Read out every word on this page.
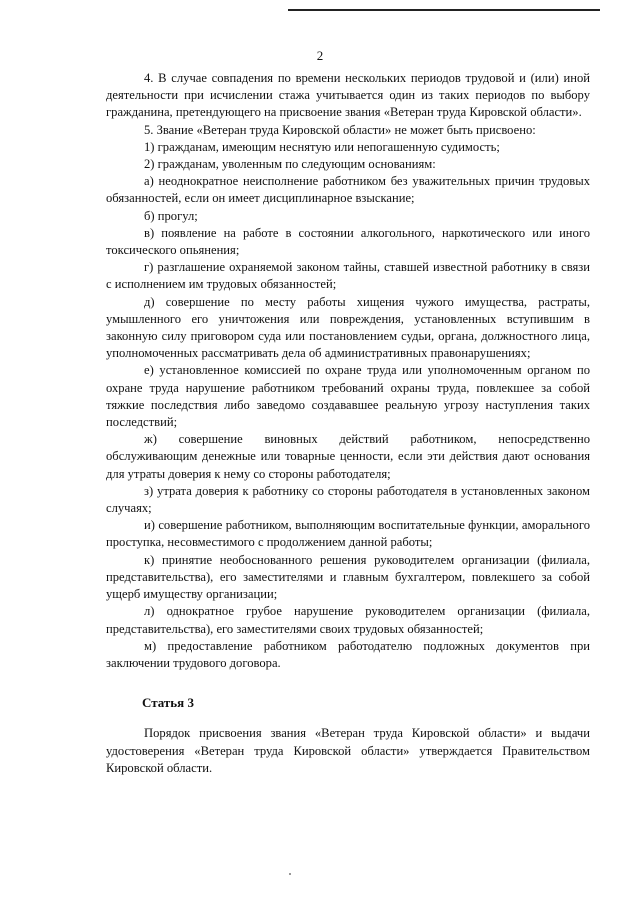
2

4. В случае совпадения по времени нескольких периодов трудовой и (или) иной деятельности при исчислении стажа учитывается один из таких периодов по выбору гражданина, претендующего на присвоение звания «Ветеран труда Кировской области».

5. Звание «Ветеран труда Кировской области» не может быть присвоено:

1) гражданам, имеющим неснятую или непогашенную судимость;

2) гражданам, уволенным по следующим основаниям:

а) неоднократное неисполнение работником без уважительных причин трудовых обязанностей, если он имеет дисциплинарное взыскание;

б) прогул;

в) появление на работе в состоянии алкогольного, наркотического или иного токсического опьянения;

г) разглашение охраняемой законом тайны, ставшей известной работнику в связи с исполнением им трудовых обязанностей;

д) совершение по месту работы хищения чужого имущества, растраты, умышленного его уничтожения или повреждения, установленных вступившим в законную силу приговором суда или постановлением судьи, органа, должностного лица, уполномоченных рассматривать дела об административных правонарушениях;

е) установленное комиссией по охране труда или уполномоченным органом по охране труда нарушение работником требований охраны труда, повлекшее за собой тяжкие последствия либо заведомо создававшее реальную угрозу наступления таких последствий;

ж) совершение виновных действий работником, непосредственно обслуживающим денежные или товарные ценности, если эти действия дают основания для утраты доверия к нему со стороны работодателя;

з) утрата доверия к работнику со стороны работодателя в установленных законом случаях;

и) совершение работником, выполняющим воспитательные функции, аморального проступка, несовместимого с продолжением данной работы;

к) принятие необоснованного решения руководителем организации (филиала, представительства), его заместителями и главным бухгалтером, повлекшего за собой ущерб имуществу организации;

л) однократное грубое нарушение руководителем организации (филиала, представительства), его заместителями своих трудовых обязанностей;

м) предоставление работником работодателю подложных документов при заключении трудового договора.

Статья 3

Порядок присвоения звания «Ветеран труда Кировской области» и выдачи удостоверения «Ветеран труда Кировской области» утверждается Правительством Кировской области.
